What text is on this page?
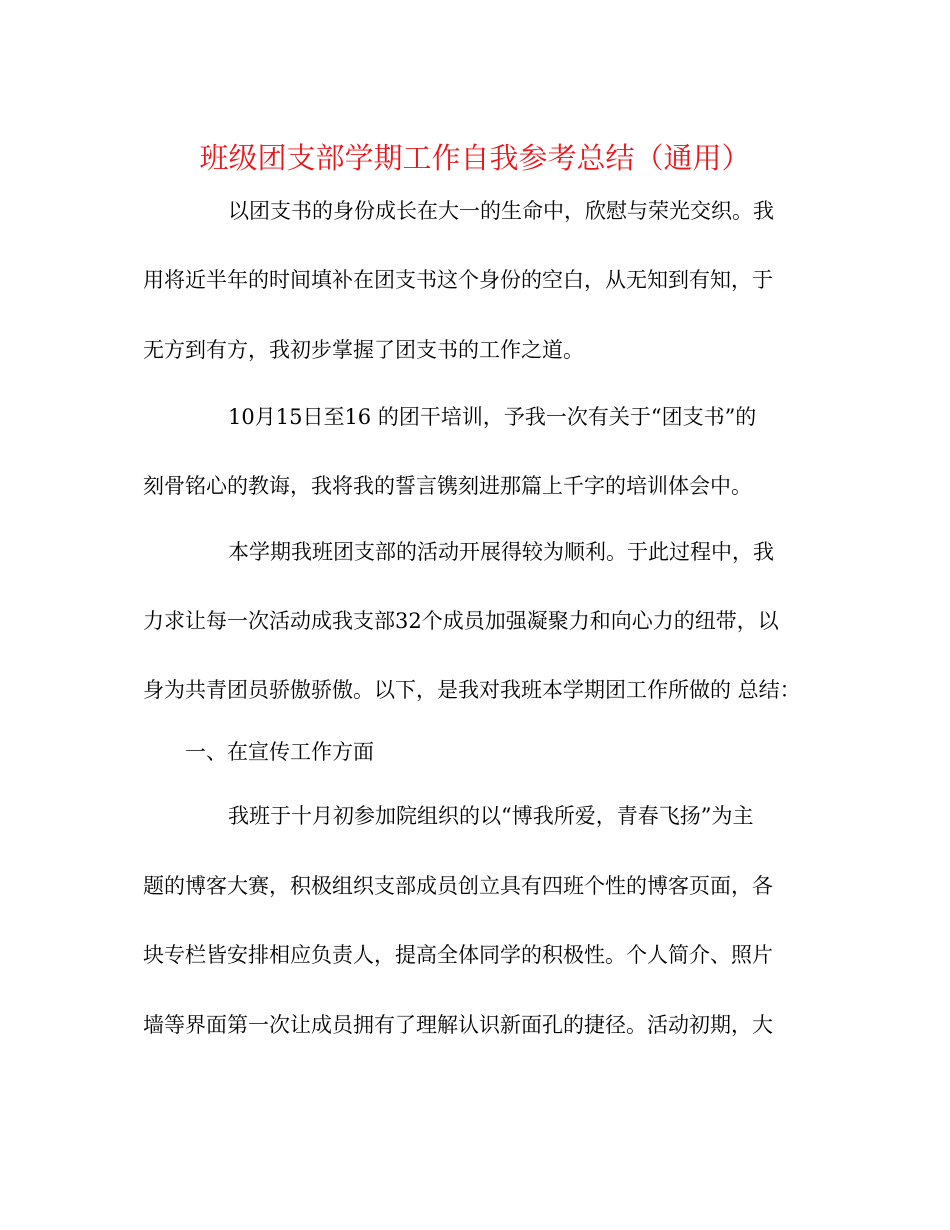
班级团支部学期工作自我参考总结（通用）
以团支书的身份成长在大一的生命中，欣慰与荣光交织。我
用将近半年的时间填补在团支书这个身份的空白，从无知到有知，于
无方到有方，我初步掌握了团支书的工作之道。
10月15日至16 的团干培训，予我一次有关于“团支书”的
刻骨铭心的教诲，我将我的誓言镌刻进那篇上千字的培训体会中。
本学期我班团支部的活动开展得较为顺利。于此过程中，我
力求让每一次活动成我支部32个成员加强凝聚力和向心力的纽带，以
身为共青团员骄傲骄傲。以下，是我对我班本学期团工作所做的 总结：
一、在宣传工作方面
我班于十月初参加院组织的以“博我所爱，青春飞扬”为主
题的博客大赛，积极组织支部成员创立具有四班个性的博客页面，各
块专栏皆安排相应负责人，提高全体同学的积极性。个人简介、照片
墙等界面第一次让成员拥有了理解认识新面孔的捷径。活动初期，大
